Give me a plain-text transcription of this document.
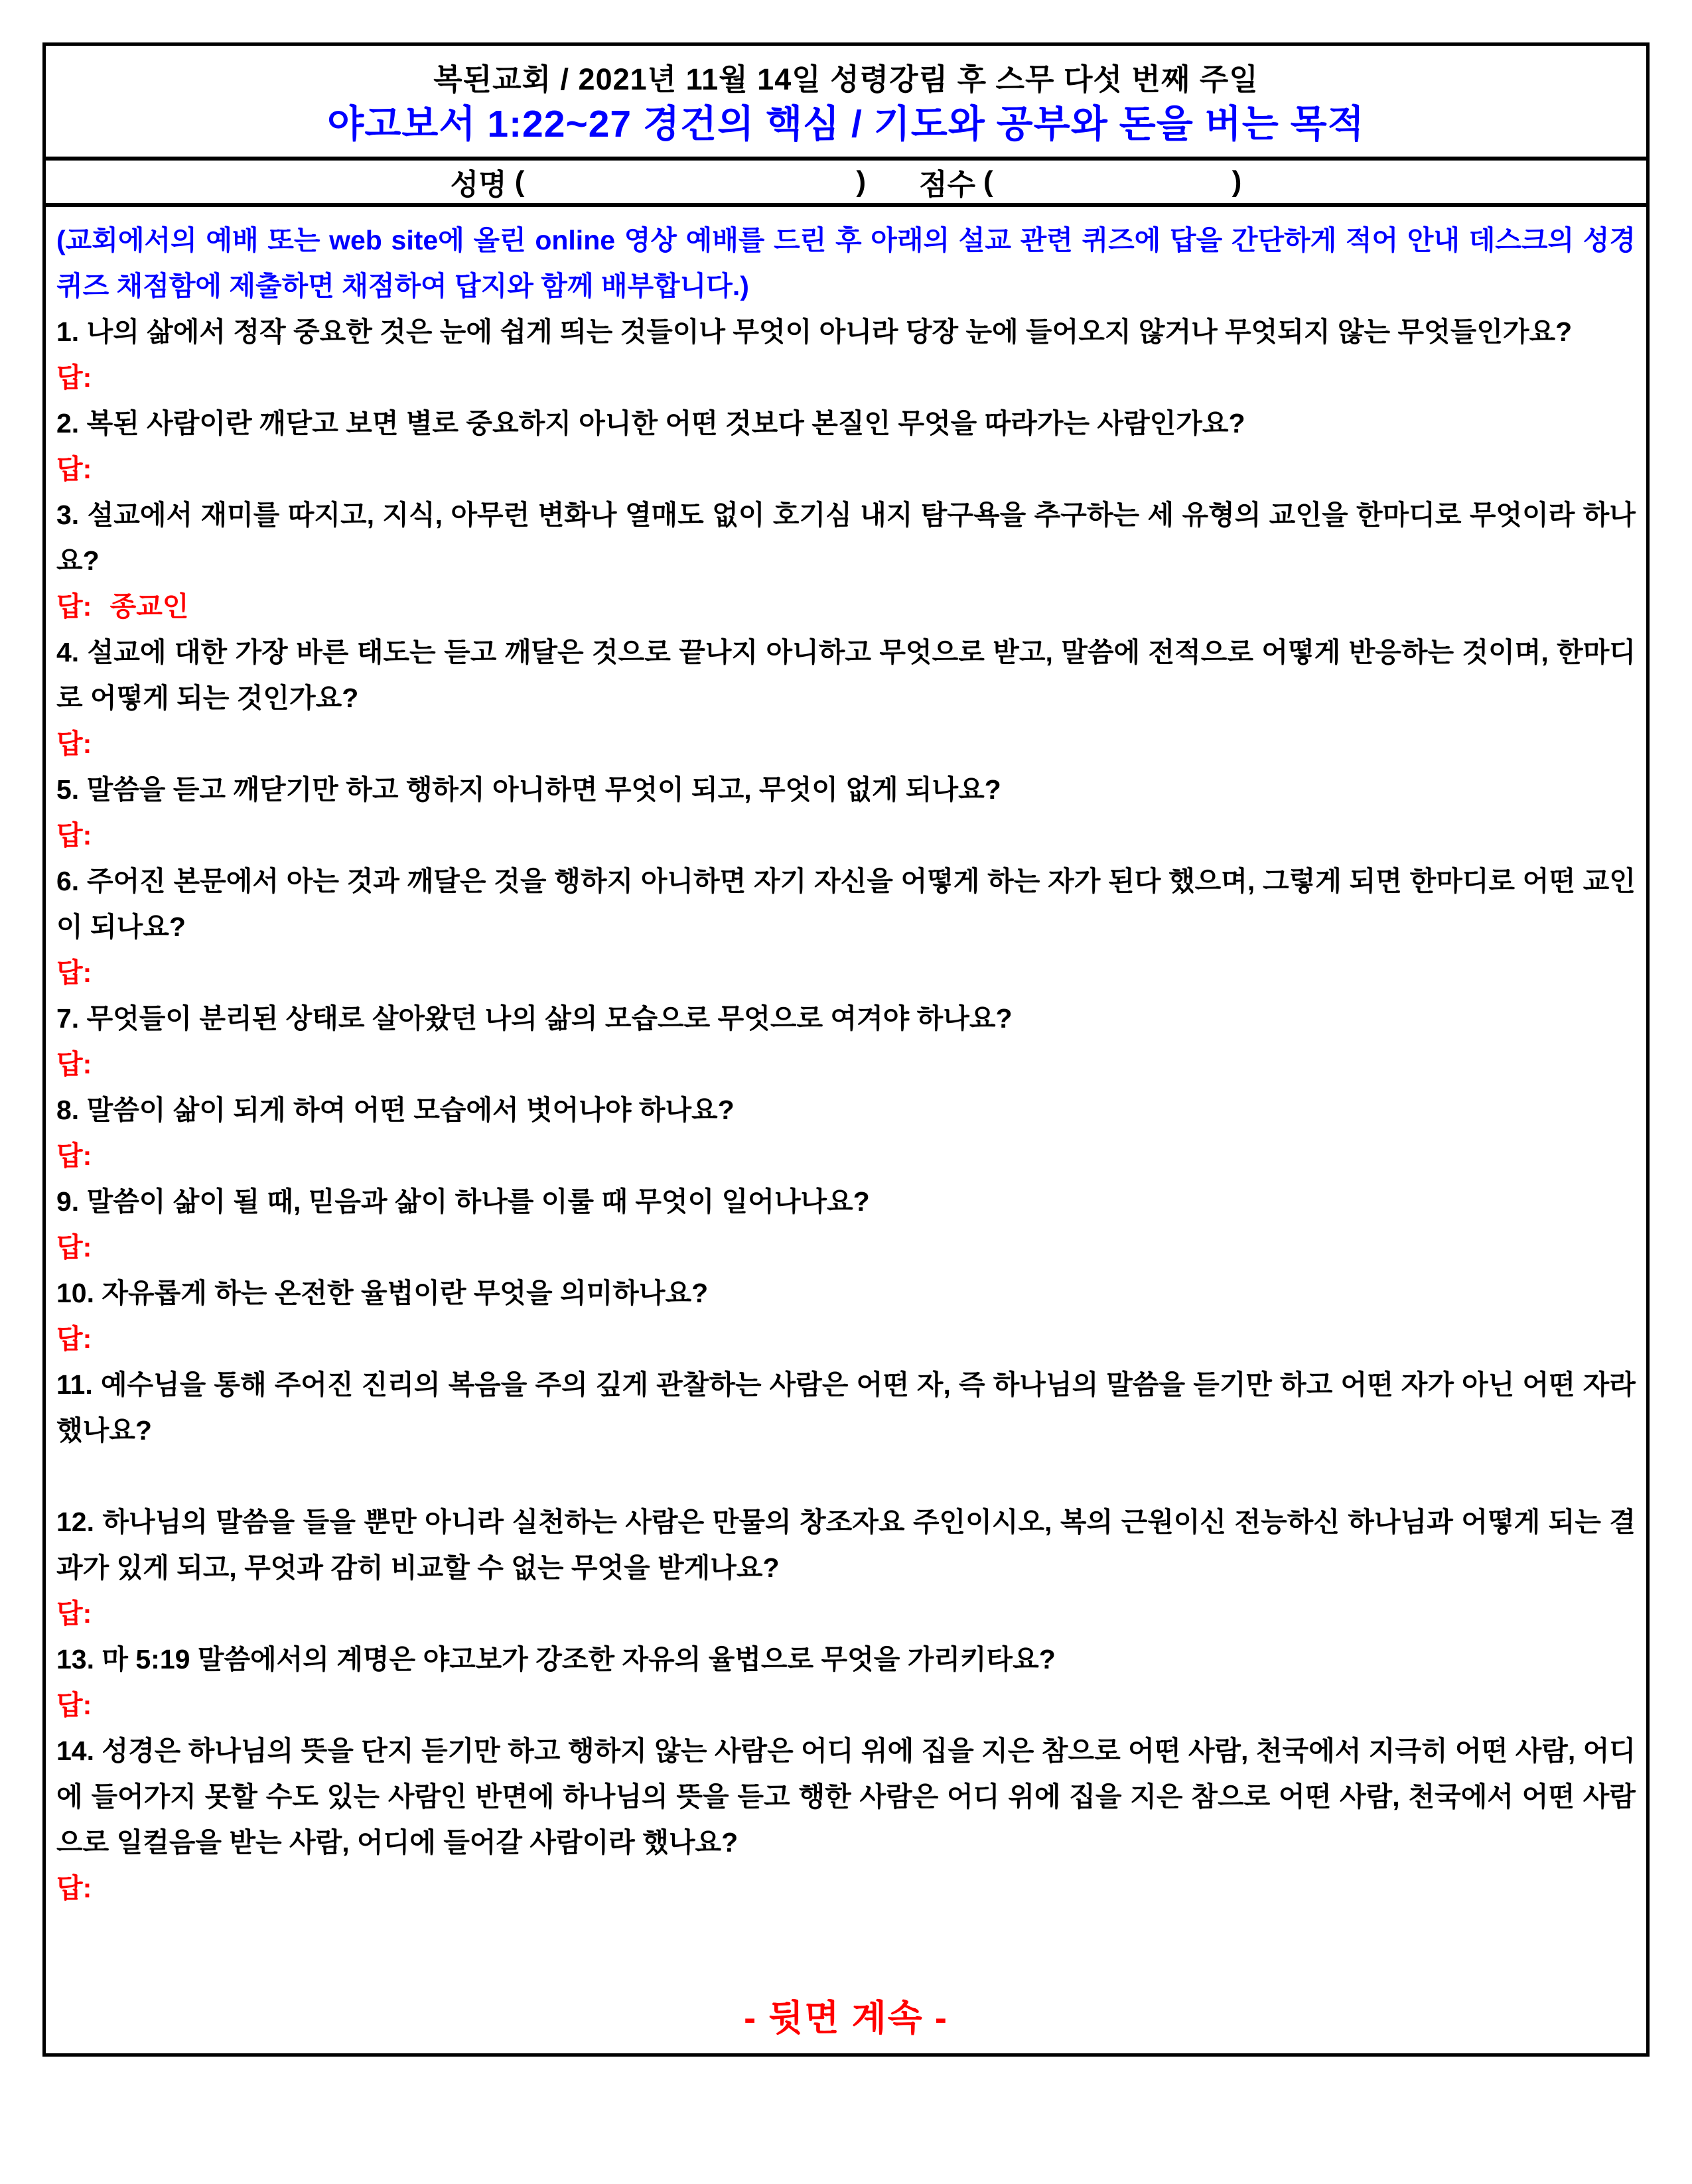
복된교회 / 2021년 11월 14일 성령강림 후 스무 다섯 번째 주일
야고보서 1:22~27 경건의 핵심 / 기도와 공부와 돈을 버는 목적
성명 (	) 점수 (	)

(교회에서의 예배 또는 web site에 올린 online 영상 예배를 드린 후 아래의 설교 관련 퀴즈에 답을 간단하게 적어 안내 데스크의 성경 퀴즈 채점함에 제출하면 채점하여 답지와 함께 배부합니다.)

1. 나의 삶에서 정작 중요한 것은 눈에 쉽게 띄는 것들이나 무엇이 아니라 당장 눈에 들어오지 않거나 무엇되지 않는 무엇들인가요?

답:

2. 복된 사람이란 깨닫고 보면 별로 중요하지 아니한 어떤 것보다 본질인 무엇을 따라가는 사람인가요?

답:

3. 설교에서 재미를 따지고, 지식, 아무런 변화나 열매도 없이 호기심 내지 탐구욕을 추구하는 세 유형의 교인을 한마디로 무엇이라 하나요?

답: 종교인

4. 설교에 대한 가장 바른 태도는 듣고 깨달은 것으로 끝나지 아니하고 무엇으로 받고, 말씀에 전적으로 어떻게 반응하는 것이며, 한마디로 어떻게 되는 것인가요?

답:

5. 말씀을 듣고 깨닫기만 하고 행하지 아니하면 무엇이 되고, 무엇이 없게 되나요?

답:

6. 주어진 본문에서 아는 것과 깨달은 것을 행하지 아니하면 자기 자신을 어떻게 하는 자가 된다 했으며, 그렇게 되면 한마디로 어떤 교인이 되나요?

답:

7. 무엇들이 분리된 상태로 살아왔던 나의 삶의 모습으로 무엇으로 여겨야 하나요?

답:

8. 말씀이 삶이 되게 하여 어떤 모습에서 벗어나야 하나요?

답:

9. 말씀이 삶이 될 때, 믿음과 삶이 하나를 이룰 때 무엇이 일어나나요?

답:

10. 자유롭게 하는 온전한 율법이란 무엇을 의미하나요?

답:

11. 예수님을 통해 주어진 진리의 복음을 주의 깊게 관찰하는 사람은 어떤 자, 즉 하나님의 말씀을 듣기만 하고 어떤 자가 아닌 어떤 자라 했나요?

12. 하나님의 말씀을 들을 뿐만 아니라 실천하는 사람은 만물의 창조자요 주인이시오, 복의 근원이신 전능하신 하나님과 어떻게 되는 결과가 있게 되고, 무엇과 감히 비교할 수 없는 무엇을 받게나요?

답:

13. 마 5:19 말씀에서의 계명은 야고보가 강조한 자유의 율법으로 무엇을 가리키타요?

답:

14. 성경은 하나님의 뜻을 단지 듣기만 하고 행하지 않는 사람은 어디 위에 집을 지은 참으로 어떤 사람, 천국에서 지극히 어떤 사람, 어디에 들어가지 못할 수도 있는 사람인 반면에 하나님의 뜻을 듣고 행한 사람은 어디 위에 집을 지은 참으로 어떤 사람, 천국에서 어떤 사람으로 일컬음을 받는 사람, 어디에 들어갈 사람이라 했나요?

답:

- 뒷면 계속 -
